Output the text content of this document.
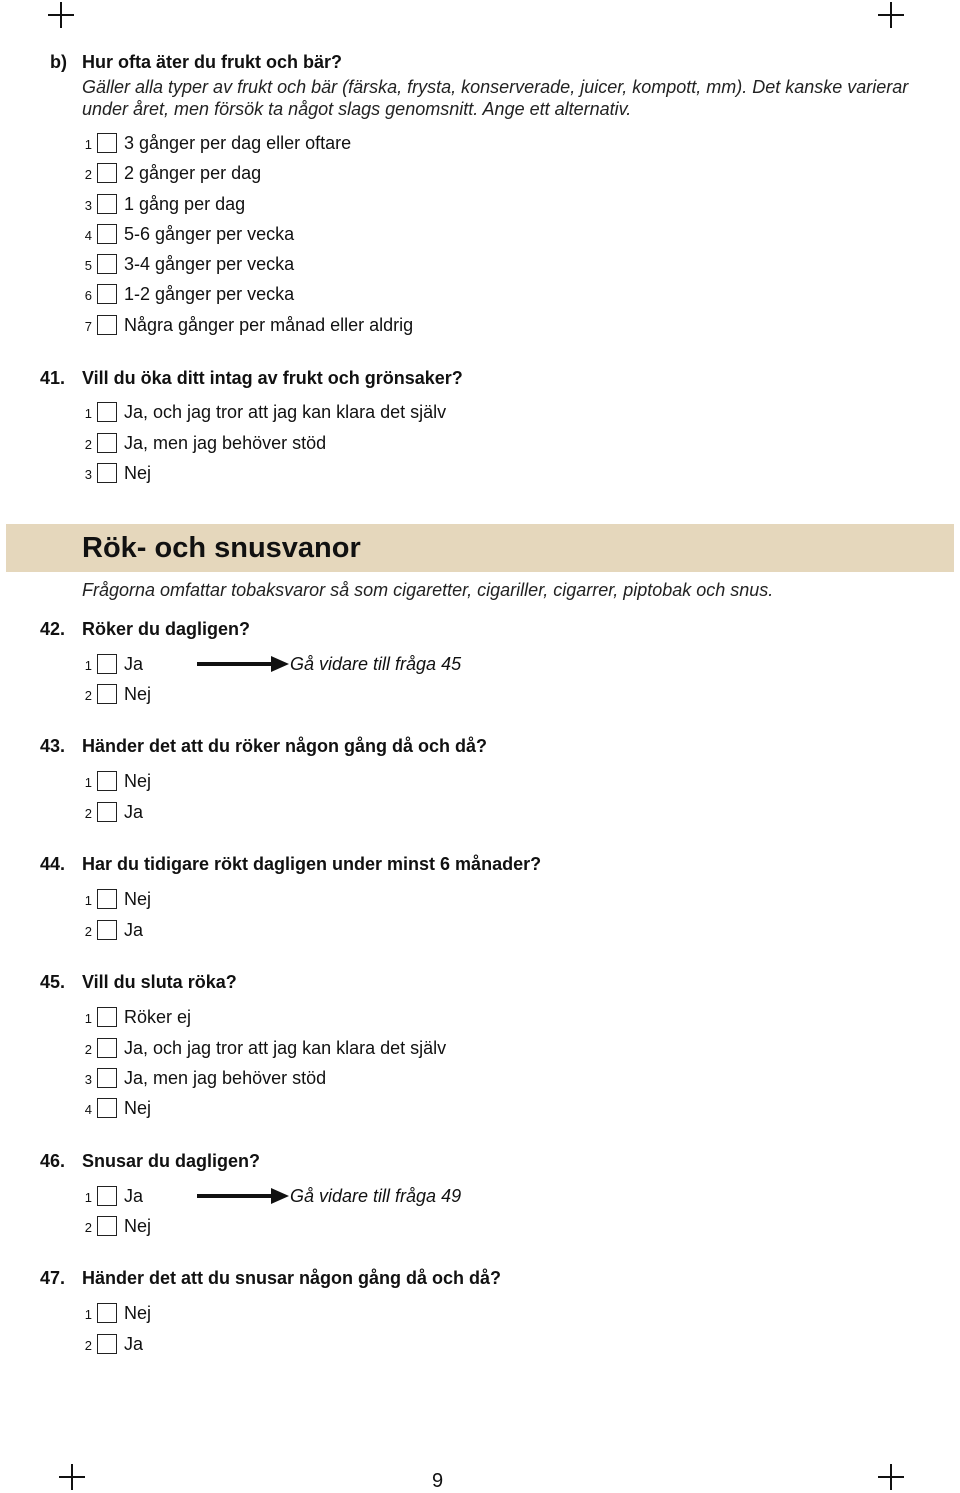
b) Hur ofta äter du frukt och bär?
Gäller alla typer av frukt och bär (färska, frysta, konserverade, juicer, kompott, mm). Det kanske varierar under året, men försök ta något slags genomsnitt. Ange ett alternativ.
1 3 gånger per dag eller oftare
2 2 gånger per dag
3 1 gång per dag
4 5-6 gånger per vecka
5 3-4 gånger per vecka
6 1-2 gånger per vecka
7 Några gånger per månad eller aldrig
41. Vill du öka ditt intag av frukt och grönsaker?
1 Ja, och jag tror att jag kan klara det själv
2 Ja, men jag behöver stöd
3 Nej
Rök- och snusvanor
Frågorna omfattar tobaksvaror så som cigaretter, cigariller, cigarrer, piptobak och snus.
42. Röker du dagligen?
1 Ja	Gå vidare till fråga 45
2 Nej
43. Händer det att du röker någon gång då och då?
1 Nej
2 Ja
44. Har du tidigare rökt dagligen under minst 6 månader?
1 Nej
2 Ja
45. Vill du sluta röka?
1 Röker ej
2 Ja, och jag tror att jag kan klara det själv
3 Ja, men jag behöver stöd
4 Nej
46. Snusar du dagligen?
1 Ja	Gå vidare till fråga 49
2 Nej
47. Händer det att du snusar någon gång då och då?
1 Nej
2 Ja
9
